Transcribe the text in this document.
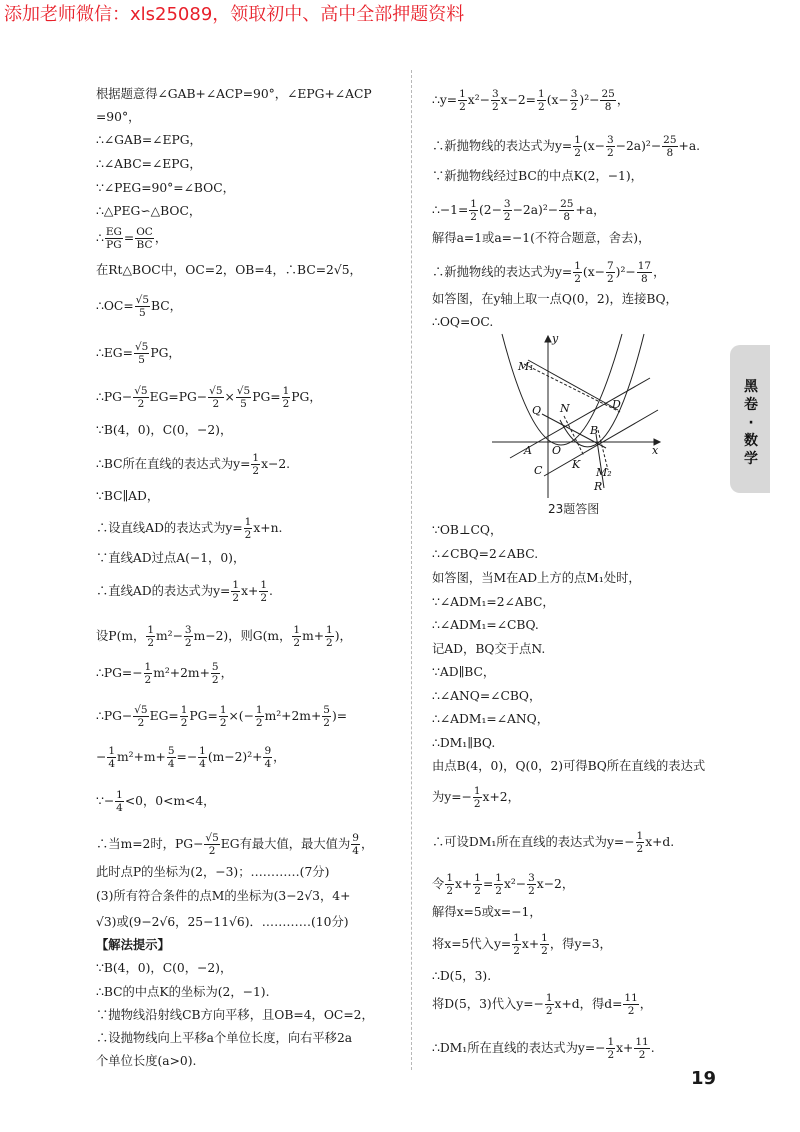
添加老师微信：xls25089，领取初中、高中全部押题资料
根据题意得∠GAB+∠ACP=90°，∠EPG+∠ACP
=90°，
∴∠GAB=∠EPG，
∴∠ABC=∠EPG，
∵∠PEG=90°=∠BOC，
∴△PEG∽△BOC，
∴ $\frac{EG}{PG} = \frac{OC}{BC}$ ，
在Rt△BOC中，OC=2，OB=4，∴BC=2√5，
∴OC= $\frac{√5}{5}$ BC，
∴EG= $\frac{√5}{5}$ PG，
∴PG− $\frac{√5}{2} EG=PG- \frac{√5}{2} \times \frac{√5}{5} PG= \frac{1}{2}$ PG，
∵B(4，0)，C(0，−2)，
∴BC所在直线的表达式为$y= \frac{1}{2} x-2$.
∵BC∥AD，
∴设直线AD的表达式为$y= \frac{1}{2} x+n$.
∵直线AD过点A(−1，0)，
∴直线AD的表达式为$y= \frac{1}{2} x+ \frac{1}{2}$ .
设P(m， $\frac{1}{2} m^2- \frac{3}{2} m-2$)，则G(m， $\frac{1}{2} m+ \frac{1}{2}$ )，
∴PG=− $\frac{1}{2} m^2+2m+ \frac{5}{2}$ ，
∴PG− $\frac{√5}{2} EG= \frac{1}{2} PG= \frac{1}{2}$ ×(− $\frac{1}{2} m^2+2m+ \frac{5}{2}$ )=
− $\frac{1}{4} m^2+m+ \frac{5}{4} =- \frac{1}{4} (m-2)^2+ \frac{9}{4}$ ，
∵− $\frac{1}{4} <0$，0<m<4，
∴当m=2时，$PG- \frac{√5}{2}$ EG有最大值，最大值为 $\frac{9}{4}$ ，
此时点P的坐标为(2，−3)；…………(7分)
(3)所有符合条件的点M的坐标为(3−2√3，4+
√3)或(9−2√6，25−11√6)．…………(10分)
【解法提示】
∵B(4，0)，C(0，−2)，
∴BC的中点K的坐标为(2，−1).
∵抛物线沿射线CB方向平移，且OB=4，OC=2，
∴设抛物线向上平移a个单位长度，向右平移2a
个单位长度(a>0).
∴y= $\frac{1}{2} x^2- \frac{3}{2} x-2= \frac{1}{2} (x- \frac{3}{2} )^2- \frac{25}{8}$ ，
∴新抛物线的表达式为$y= \frac{1}{2} (x- \frac{3}{2} -2a)^2- \frac{25}{8} +a$.
∵新抛物线经过BC的中点K(2，−1)，
∴−1= $\frac{1}{2} (2- \frac{3}{2} -2a)^2- \frac{25}{8} +a$，
解得a=1或a=−1(不符合题意，舍去)，
∴新抛物线的表达式为$y= \frac{1}{2} (x- \frac{7}{2} )^2- \frac{17}{8}$ ，
如答图，在y轴上取一点Q(0，2)，连接BQ，
∴OQ=OC.
∵OB⊥CQ，
∴∠CBQ=2∠ABC.
如答图，当M在AD上方的点M₁处时，
∵∠ADM₁=2∠ABC，
∴∠ADM₁=∠CBQ.
记AD，BQ交于点N.
∵AD∥BC，
∴∠ANQ=∠CBQ，
∴∠ADM₁=∠ANQ，
∴DM₁∥BQ.
由点B(4，0)，Q(0，2)可得BQ所在直线的表达式
为$y=- \frac{1}{2} x+2$，
∴可设DM₁所在直线的表达式为$y=- \frac{1}{2} x+d$.
令 $\frac{1}{2} x+ \frac{1}{2} = \frac{1}{2} x^2- \frac{3}{2} x-2$，
解得x=5或x=−1，
将x=5代入$y= \frac{1}{2} x+ \frac{1}{2}$ ，得y=3，
∴D(5，3).
将D(5，3)代入$y=- \frac{1}{2} x+d$，得$d= \frac{11}{2}$ ，
∴DM₁所在直线的表达式为$y=- \frac{1}{2} x+ \frac{11}{2}$ .
y
x
M₁
Q N	D
B
A O
C	K
M₂
R
23题答图
黑
卷
·
数
学
19
